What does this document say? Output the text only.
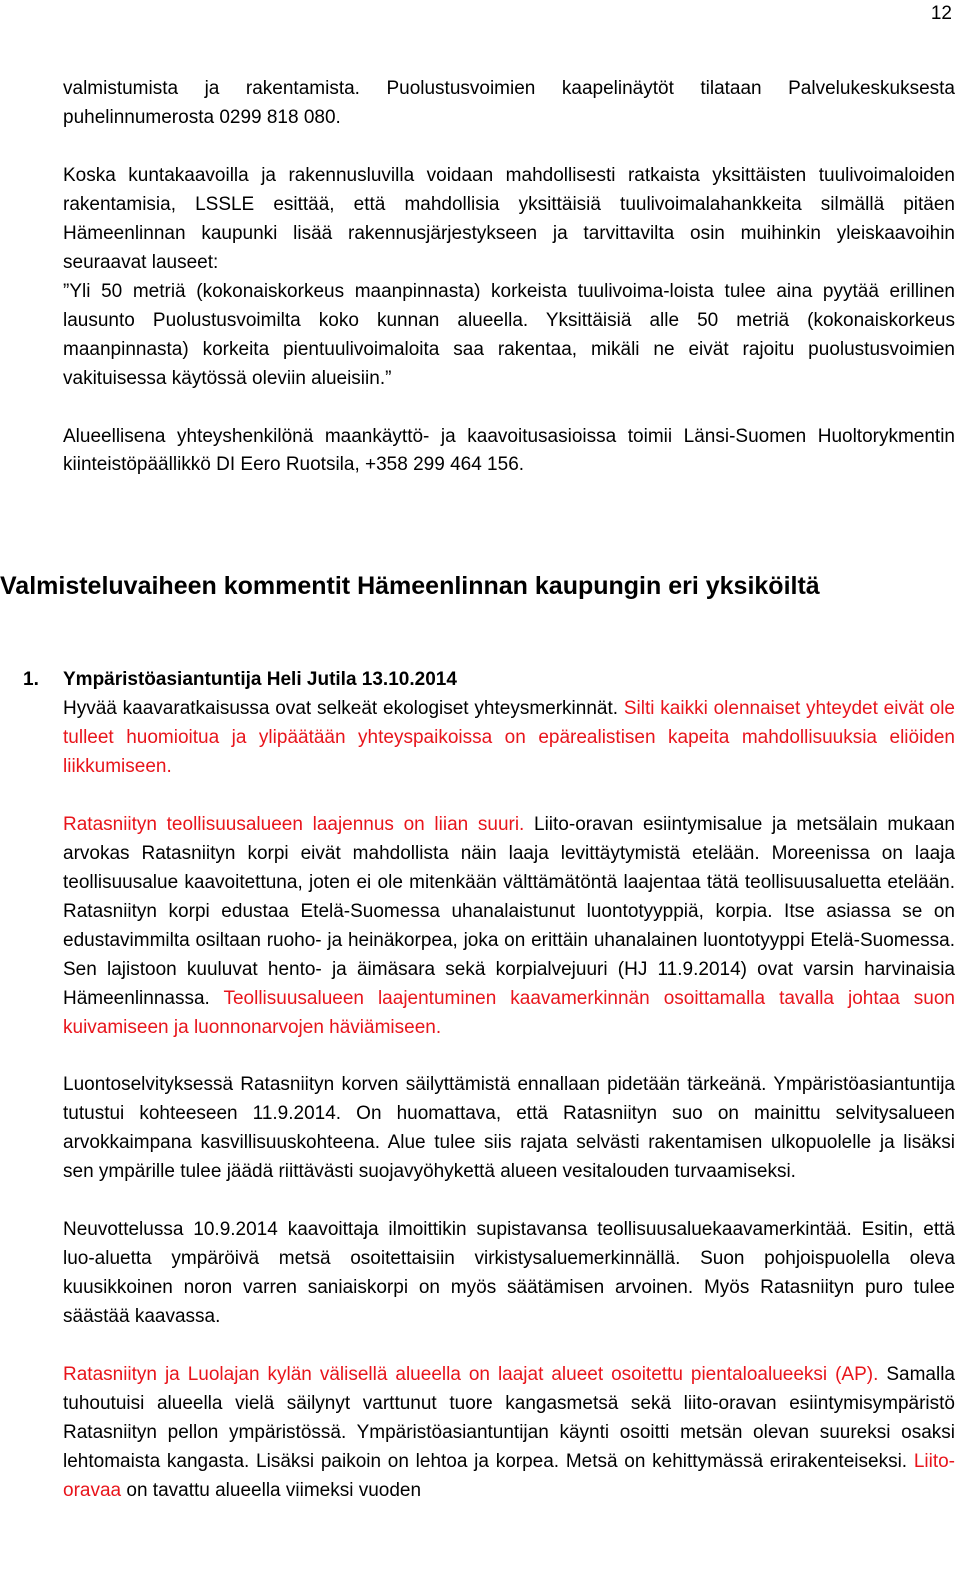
12

valmistumista ja rakentamista. Puolustusvoimien kaapelinäytöt tilataan Palvelukeskuksesta puhelinnumerosta 0299 818 080.

Koska kuntakaavoilla ja rakennusluvilla voidaan mahdollisesti ratkaista yksittäisten tuulivoimaloiden rakentamisia, LSSLE esittää, että mahdollisia yksittäisiä tuulivoimalahankkeita silmällä pitäen Hämeenlinnan kaupunki lisää rakennusjärjestykseen ja tarvittavilta osin muihinkin yleiskaavoihin seuraavat lauseet:

”Yli 50 metriä (kokonaiskorkeus maanpinnasta) korkeista tuulivoima-loista tulee aina pyytää erillinen lausunto Puolustusvoimilta koko kunnan alueella. Yksittäisiä alle 50 metriä (kokonaiskorkeus maanpinnasta) korkeita pientuulivoimaloita saa rakentaa, mikäli ne eivät rajoitu puolustusvoimien vakituisessa käytössä oleviin alueisiin.”

Alueellisena yhteyshenkilönä maankäyttö- ja kaavoitusasioissa toimii Länsi-Suomen Huoltorykmentin kiinteistöpäällikkö DI Eero Ruotsila, +358 299 464 156.

Valmisteluvaiheen kommentit Hämeenlinnan kaupungin eri yksiköiltä
1. Ympäristöasiantuntija Heli Jutila 13.10.2014

Hyvää kaavaratkaisussa ovat selkeät ekologiset yhteysmerkinnät. Silti kaikki olennaiset yhteydet eivät ole tulleet huomioitua ja ylipäätään yhteyspaikoissa on epärealistisen kapeita mahdollisuuksia eliöiden liikkumiseen.

Ratasniityn teollisuusalueen laajennus on liian suuri. Liito-oravan esiintymisalue ja metsälain mukaan arvokas Ratasniityn korpi eivät mahdollista näin laaja levittäytymistä etelään. Moreenissa on laaja teollisuusalue kaavoitettuna, joten ei ole mitenkään välttämätöntä laajentaa tätä teollisuusaluetta etelään. Ratasniityn korpi edustaa Etelä-Suomessa uhanalaistunut luontotyyppiä, korpia. Itse asiassa se on edustavimmilta osiltaan ruoho- ja heinäkorpea, joka on erittäin uhanalainen luontotyyppi Etelä-Suomessa. Sen lajistoon kuuluvat hento- ja äimäsara sekä korpialvejuuri (HJ 11.9.2014) ovat varsin harvinaisia Hämeenlinnassa. Teollisuusalueen laajentuminen kaavamerkinnän osoittamalla tavalla johtaa suon kuivamiseen ja luonnonarvojen häviämiseen.

Luontoselvityksessä Ratasniityn korven säilyttämistä ennallaan pidetään tärkeänä. Ympäristöasiantuntija tutustui kohteeseen 11.9.2014. On huomattava, että Ratasniityn suo on mainittu selvitysalueen arvokkaimpana kasvillisuuskohteena. Alue tulee siis rajata selvästi rakentamisen ulkopuolelle ja lisäksi sen ympärille tulee jäädä riittävästi suojavyöhykettä alueen vesitalouden turvaamiseksi.

Neuvottelussa 10.9.2014 kaavoittaja ilmoittikin supistavansa teollisuusaluekaavamerkintää. Esitin, että luo-aluetta ympäröivä metsä osoitettaisiin virkistysaluemerkinnällä. Suon pohjoispuolella oleva kuusikkoinen noron varren saniaiskorpi on myös säätämisen arvoinen. Myös Ratasniityn puro tulee säästää kaavassa.

Ratasniityn ja Luolajan kylän välisellä alueella on laajat alueet osoitettu pientaloalueeksi (AP). Samalla tuhoutuisi alueella vielä säilynyt varttunut tuore kangasmetsä sekä liito-oravan esiintymisympäristö Ratasniityn pellon ympäristössä. Ympäristöasiantuntijan käynti osoitti metsän olevan suureksi osaksi lehtomaista kangasta. Lisäksi paikoin on lehtoa ja korpea. Metsä on kehittymässä erirakenteiseksi. Liito-oravaa on tavattu alueella viimeksi vuoden
